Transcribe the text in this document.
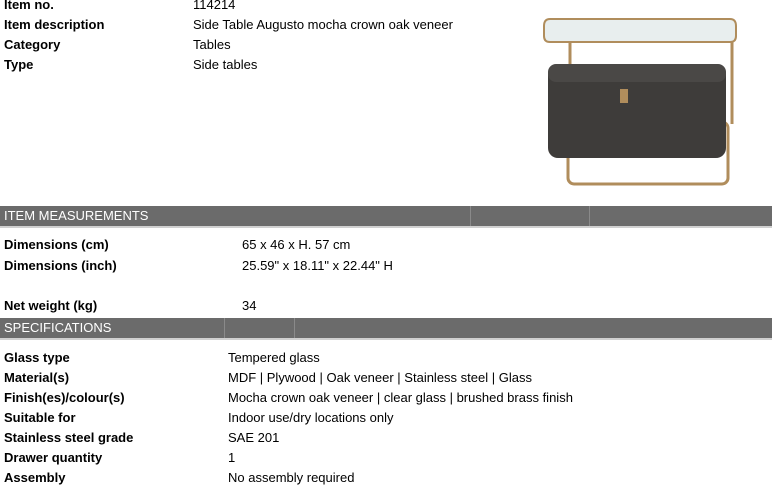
Item no.	114214
Item description	Side Table Augusto mocha crown oak veneer
Category	Tables
Type	Side tables
ITEM MEASUREMENTS
Dimensions (cm)	65 x 46 x H. 57 cm
Dimensions (inch)	25.59" x 18.11" x 22.44" H
Net weight (kg)	34
SPECIFICATIONS
Glass type	Tempered glass
Material(s)	MDF | Plywood | Oak veneer | Stainless steel | Glass
Finish(es)/colour(s)	Mocha crown oak veneer | clear glass | brushed brass finish
Suitable for	Indoor use/dry locations only
Stainless steel grade	SAE 201
Drawer quantity	1
Assembly	No assembly required
